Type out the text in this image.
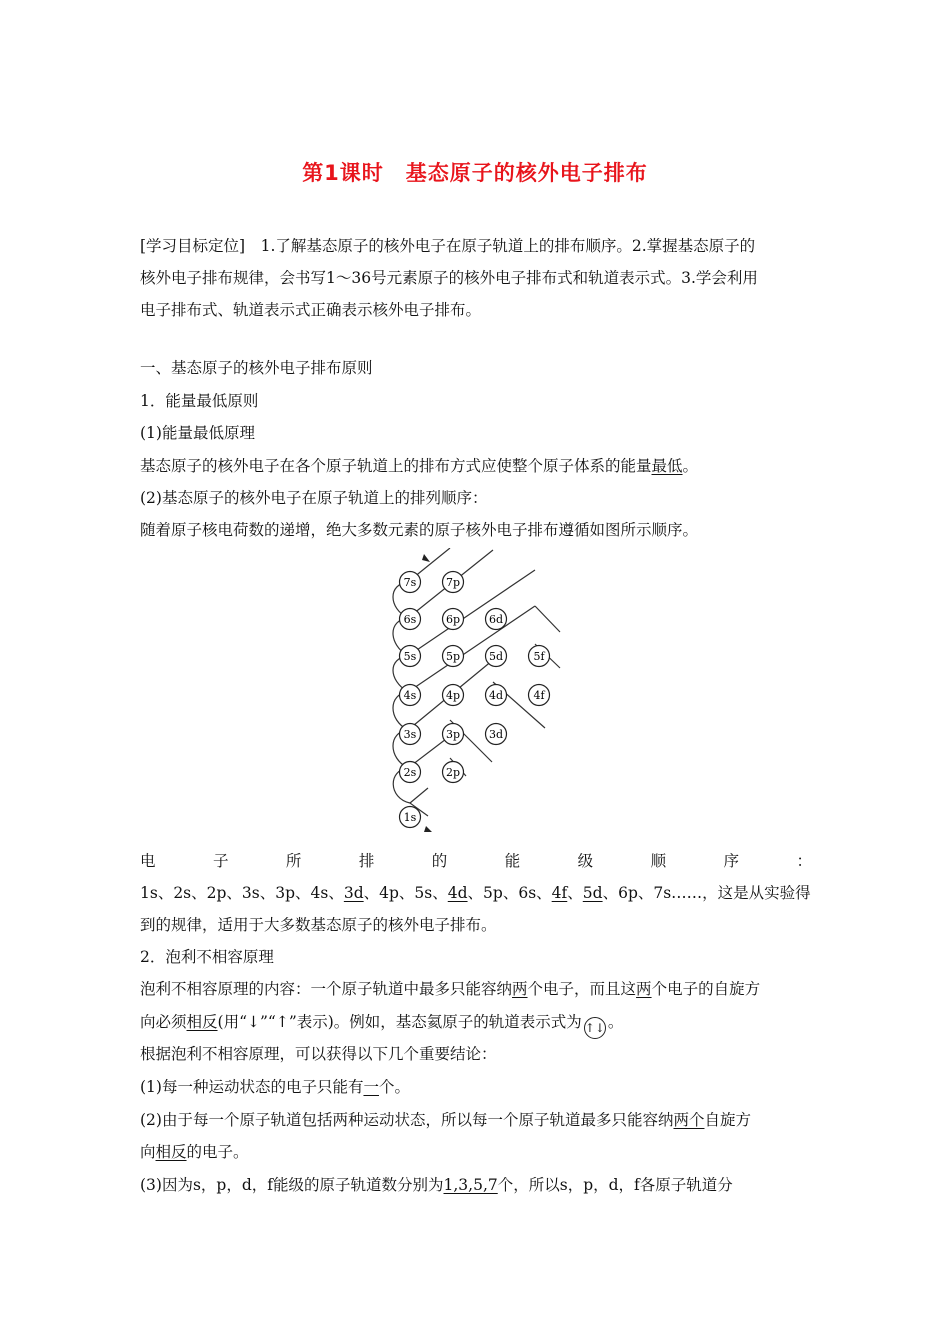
第1课时　基态原子的核外电子排布
[学习目标定位]　1.了解基态原子的核外电子在原子轨道上的排布顺序。2.掌握基态原子的
核外电子排布规律，会书写1～36号元素原子的核外电子排布式和轨道表示式。3.学会利用
电子排布式、轨道表示式正确表示核外电子排布。
一、基态原子的核外电子排布原则
1．能量最低原则
(1)能量最低原理
基态原子的核外电子在各个原子轨道上的排布方式应使整个原子体系的能量最低。
(2)基态原子的核外电子在原子轨道上的排列顺序：
随着原子核电荷数的递增，绝大多数元素的原子核外电子排布遵循如图所示顺序。
7s	7p
6s	6p	6d
5s	5p	5d	5f
4s	4p	4d	4f
3s	3p	3d
2s	2p
1s
电	子	所	排	的	能	级	顺	序	：
1s、2s、2p、3s、3p、4s、3d、4p、5s、4d、5p、6s、4f、5d、6p、7s……，这是从实验得
到的规律，适用于大多数基态原子的核外电子排布。
2．泡利不相容原理
泡利不相容原理的内容：一个原子轨道中最多只能容纳两个电子，而且这两个电子的自旋方
向必须相反(用“↓”“↑”表示)。例如，基态氦原子的轨道表示式为 ↑↓ 。
根据泡利不相容原理，可以获得以下几个重要结论：
(1)每一种运动状态的电子只能有一个。
(2)由于每一个原子轨道包括两种运动状态，所以每一个原子轨道最多只能容纳两个自旋方
向相反的电子。
(3)因为s，p，d，f能级的原子轨道数分别为1,3,5,7个，所以s，p，d，f各原子轨道分
